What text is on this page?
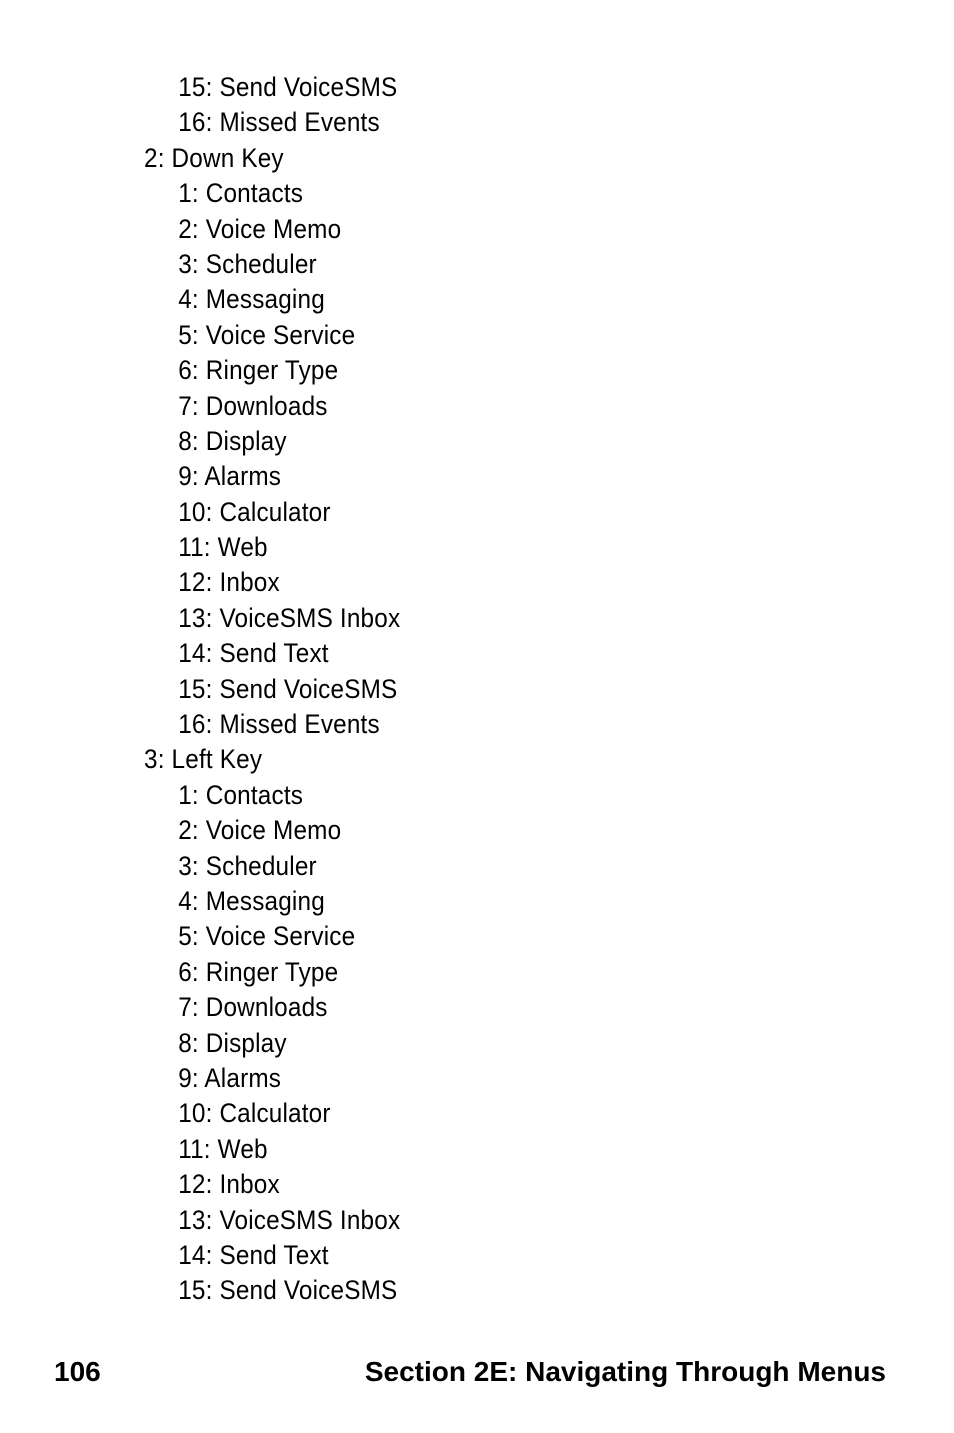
15: Send VoiceSMS
16: Missed Events
2: Down Key
1: Contacts
2: Voice Memo
3: Scheduler
4: Messaging
5: Voice Service
6: Ringer Type
7: Downloads
8: Display
9: Alarms
10: Calculator
11: Web
12: Inbox
13: VoiceSMS Inbox
14: Send Text
15: Send VoiceSMS
16: Missed Events
3: Left Key
1: Contacts
2: Voice Memo
3: Scheduler
4: Messaging
5: Voice Service
6: Ringer Type
7: Downloads
8: Display
9: Alarms
10: Calculator
11: Web
12: Inbox
13: VoiceSMS Inbox
14: Send Text
15: Send VoiceSMS
106	Section 2E: Navigating Through Menus
